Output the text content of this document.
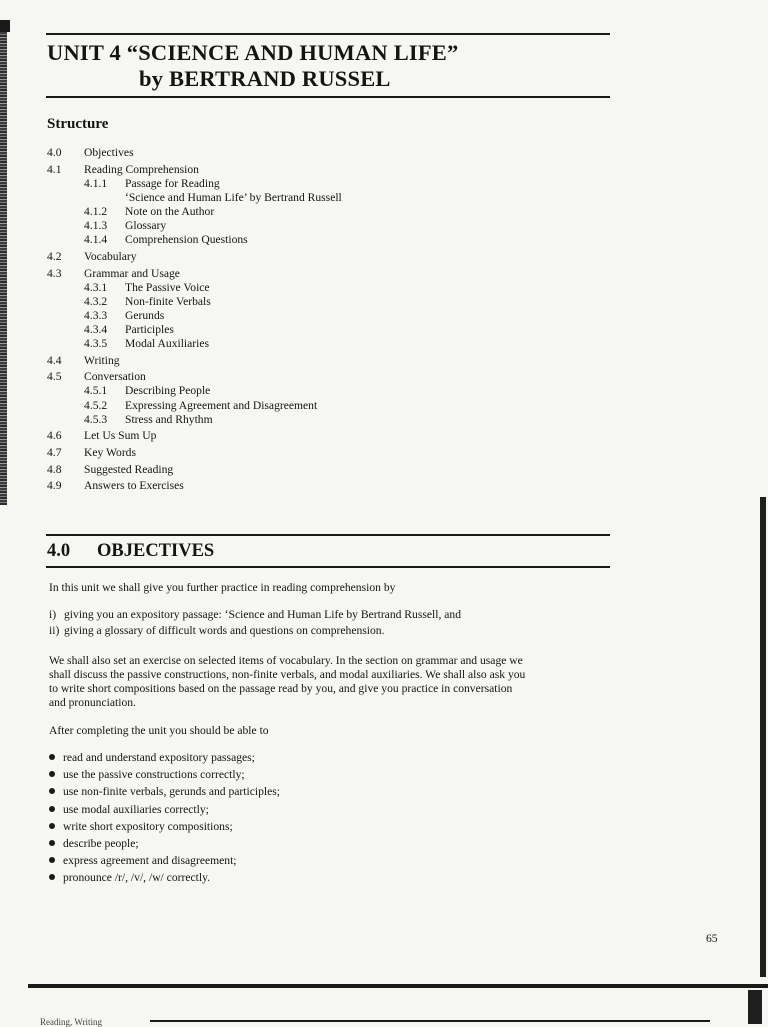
UNIT 4 “SCIENCE AND HUMAN LIFE”
by BERTRAND RUSSEL
Structure
4.0 Objectives
4.1 Reading Comprehension
4.1.1 Passage for Reading
‘Science and Human Life’ by Bertrand Russell
4.1.2 Note on the Author
4.1.3 Glossary
4.1.4 Comprehension Questions
4.2 Vocabulary
4.3 Grammar and Usage
4.3.1 The Passive Voice
4.3.2 Non-finite Verbals
4.3.3 Gerunds
4.3.4 Participles
4.3.5 Modal Auxiliaries
4.4 Writing
4.5 Conversation
4.5.1 Describing People
4.5.2 Expressing Agreement and Disagreement
4.5.3 Stress and Rhythm
4.6 Let Us Sum Up
4.7 Key Words
4.8 Suggested Reading
4.9 Answers to Exercises
4.0 OBJECTIVES
In this unit we shall give you further practice in reading comprehension by
i) giving you an expository passage: ‘Science and Human Life by Bertrand Russell, and
ii) giving a glossary of difficult words and questions on comprehension.
We shall also set an exercise on selected items of vocabulary. In the section on grammar and usage we
shall discuss the passive constructions, non-finite verbals, and modal auxiliaries. We shall also ask you
to write short compositions based on the passage read by you, and give you practice in conversation
and pronunciation.
After completing the unit you should be able to
read and understand expository passages;
use the passive constructions correctly;
use non-finite verbals, gerunds and participles;
use modal auxiliaries correctly;
write short expository compositions;
describe people;
express agreement and disagreement;
pronounce /r/, /v/, /w/ correctly.
65
Reading, Writing
